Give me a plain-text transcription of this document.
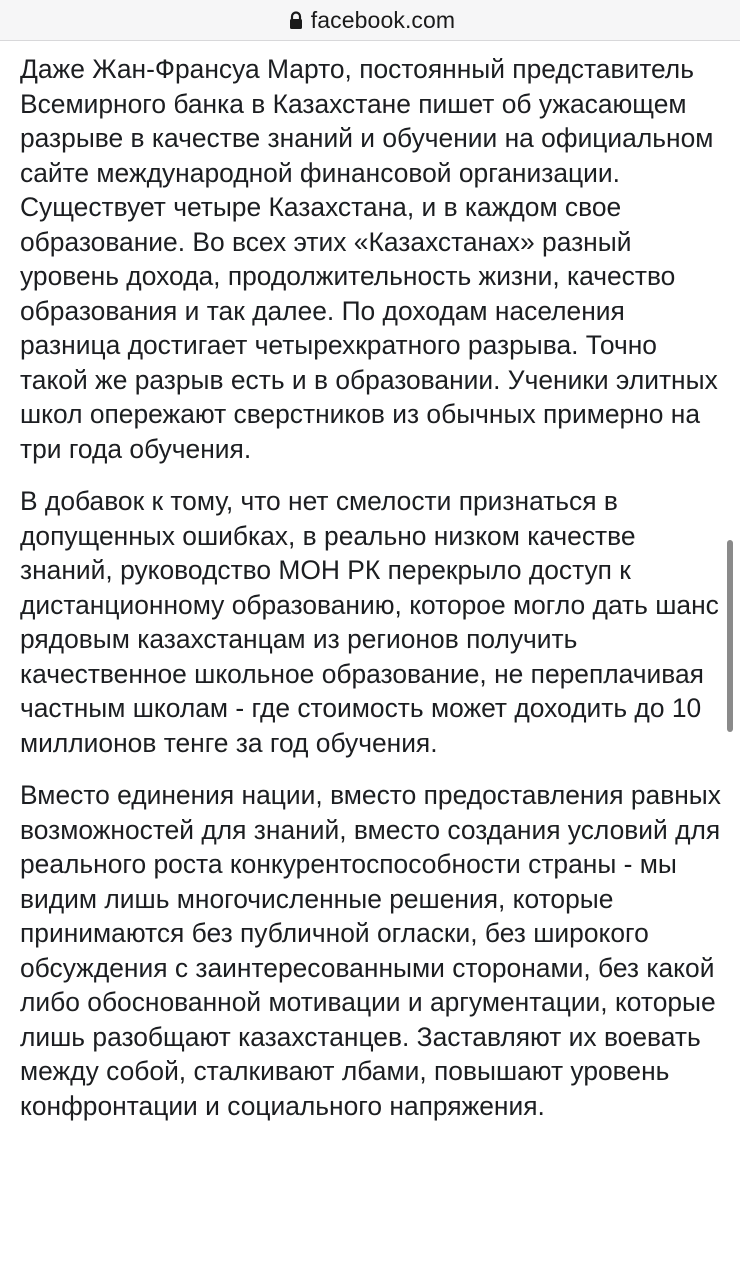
facebook.com

Даже Жан-Франсуа Марто, постоянный представитель Всемирного банка в Казахстане пишет об ужасающем разрыве в качестве знаний и обучении на официальном сайте международной финансовой организации. Существует четыре Казахстана, и в каждом свое образование. Во всех этих «Казахстанах» разный уровень дохода, продолжительность жизни, качество образования и так далее. По доходам населения разница достигает четырехкратного разрыва. Точно такой же разрыв есть и в образовании. Ученики элитных школ опережают сверстников из обычных примерно на три года обучения.

В добавок к тому, что нет смелости признаться в допущенных ошибках, в реально низком качестве знаний, руководство МОН РК перекрыло доступ к дистанционному образованию, которое могло дать шанс рядовым казахстанцам из регионов получить качественное школьное образование, не переплачивая частным школам - где стоимость может доходить до 10 миллионов тенге за год обучения.

Вместо единения нации, вместо предоставления равных возможностей для знаний, вместо создания условий для реального роста конкурентоспособности страны - мы видим лишь многочисленные решения, которые принимаются без публичной огласки, без широкого обсуждения с заинтересованными сторонами, без какой либо обоснованной мотивации и аргументации, которые лишь разобщают казахстанцев. Заставляют их воевать между собой, сталкивают лбами, повышают уровень конфронтации и социального напряжения.
